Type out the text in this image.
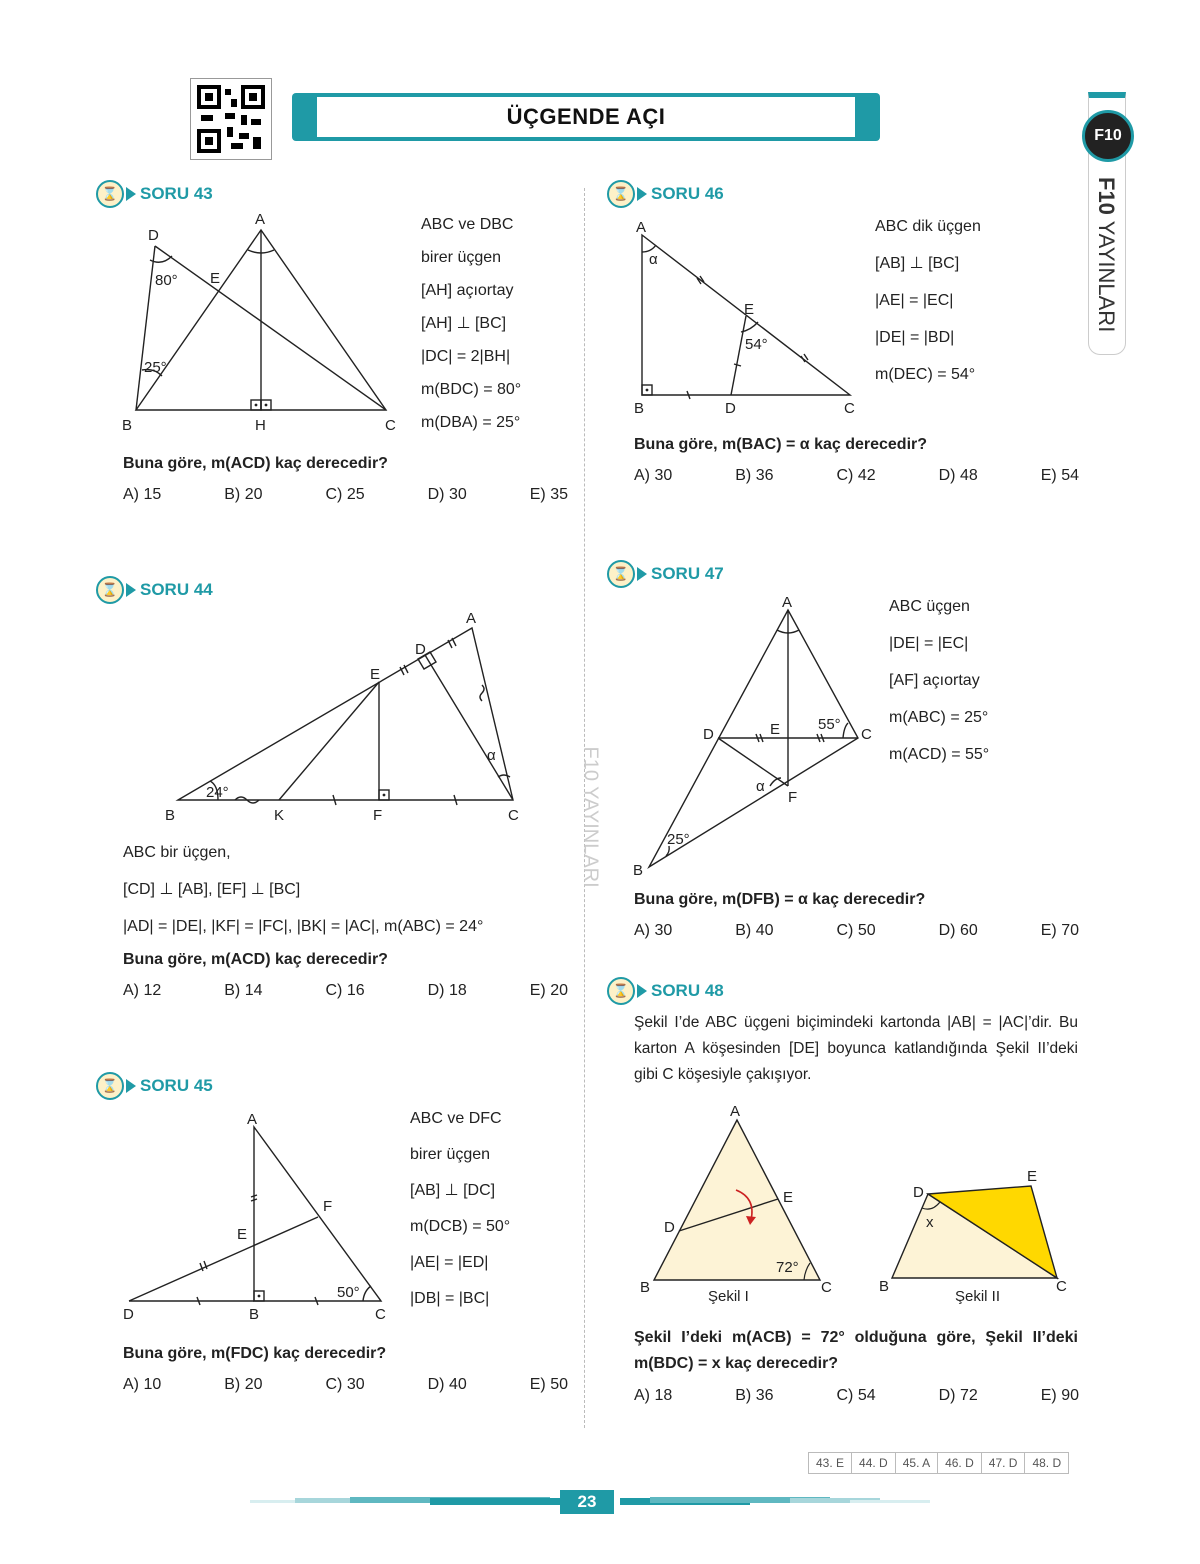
ÜÇGENDE AÇI
F10
F10 YAYINLARI
F10 YAYINLARI
⌛	SORU 43
A
D
E
B	H	C
80°
25°
ABC ve DBC
birer üçgen
[AH] açıortay
[AH] ⊥ [BC]
|DC| = 2|BH|
m(BDC) = 80°
m(DBA) = 25°
Buna göre, m(ACD) kaç derecedir?
A) 15	B) 20	C) 25	D) 30	E) 35
⌛	SORU 44
A
D
E
B	K	F	C
24°
α
ABC bir üçgen,
[CD] ⊥ [AB], [EF] ⊥ [BC]
|AD| = |DE|, |KF| = |FC|, |BK| = |AC|, m(ABC) = 24°
Buna göre, m(ACD) kaç derecedir?
A) 12	B) 14	C) 16	D) 18	E) 20
⌛	SORU 45
A
F
E
D	B	C
50°
ABC ve DFC
birer üçgen
[AB] ⊥ [DC]
m(DCB) = 50°
|AE| = |ED|
|DB| = |BC|
Buna göre, m(FDC) kaç derecedir?
A) 10	B) 20	C) 30	D) 40	E) 50
⌛	SORU 46
A
α
E
54°
B	D	C
ABC dik üçgen
[AB] ⊥ [BC]
|AE| = |EC|
|DE| = |BD|
m(DEC) = 54°
Buna göre, m(BAC) = α kaç derecedir?
A) 30	B) 36	C) 42	D) 48	E) 54
⌛	SORU 47
A
D	E	55°
C
α
F
25°
B
ABC üçgen
|DE| = |EC|
[AF] açıortay
m(ABC) = 25°
m(ACD) = 55°
Buna göre, m(DFB) = α kaç derecedir?
A) 30	B) 40	C) 50	D) 60	E) 70
⌛	SORU 48
Şekil I’de ABC üçgeni biçimindeki kartonda |AB| = |AC|’dir. Bu karton A köşesinden [DE] boyunca katlandığında Şekil II’deki gibi C köşesiyle çakışıyor.
A
E
D
72°
B	C
Şekil I
D
E
x
B	C
Şekil II
Şekil I’deki m(ACB) = 72° olduğuna göre, Şekil II’deki
m(BDC) = x kaç derecedir?
A) 18	B) 36	C) 54	D) 72	E) 90
43. E	44. D	45. A	46. D	47. D	48. D
23
